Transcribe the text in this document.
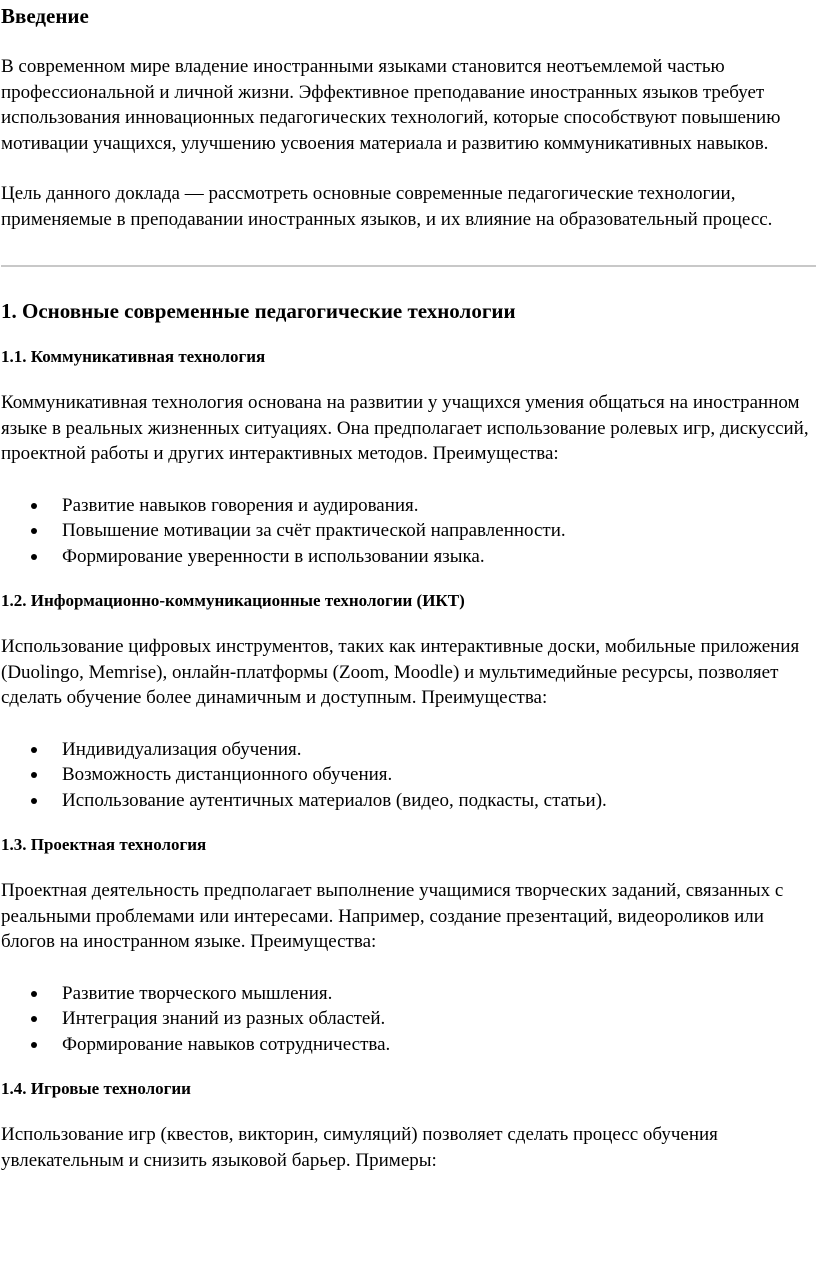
Введение

В современном мире владение иностранными языками становится неотъемлемой частью профессиональной и личной жизни. Эффективное преподавание иностранных языков требует использования инновационных педагогических технологий, которые способствуют повышению мотивации учащихся, улучшению усвоения материала и развитию коммуникативных навыков.

Цель данного доклада — рассмотреть основные современные педагогические технологии, применяемые в преподавании иностранных языков, и их влияние на образовательный процесс.

1. Основные современные педагогические технологии
1.1. Коммуникативная технология

Коммуникативная технология основана на развитии у учащихся умения общаться на иностранном языке в реальных жизненных ситуациях. Она предполагает использование ролевых игр, дискуссий, проектной работы и других интерактивных методов. Преимущества:

Развитие навыков говорения и аудирования.
Повышение мотивации за счёт практической направленности.
Формирование уверенности в использовании языка.
1.2. Информационно-коммуникационные технологии (ИКТ)

Использование цифровых инструментов, таких как интерактивные доски, мобильные приложения (Duolingo, Memrise), онлайн-платформы (Zoom, Moodle) и мультимедийные ресурсы, позволяет сделать обучение более динамичным и доступным. Преимущества:

Индивидуализация обучения.
Возможность дистанционного обучения.
Использование аутентичных материалов (видео, подкасты, статьи).
1.3. Проектная технология

Проектная деятельность предполагает выполнение учащимися творческих заданий, связанных с реальными проблемами или интересами. Например, создание презентаций, видеороликов или блогов на иностранном языке. Преимущества:

Развитие творческого мышления.
Интеграция знаний из разных областей.
Формирование навыков сотрудничества.
1.4. Игровые технологии

Использование игр (квестов, викторин, симуляций) позволяет сделать процесс обучения увлекательным и снизить языковой барьер. Примеры:
